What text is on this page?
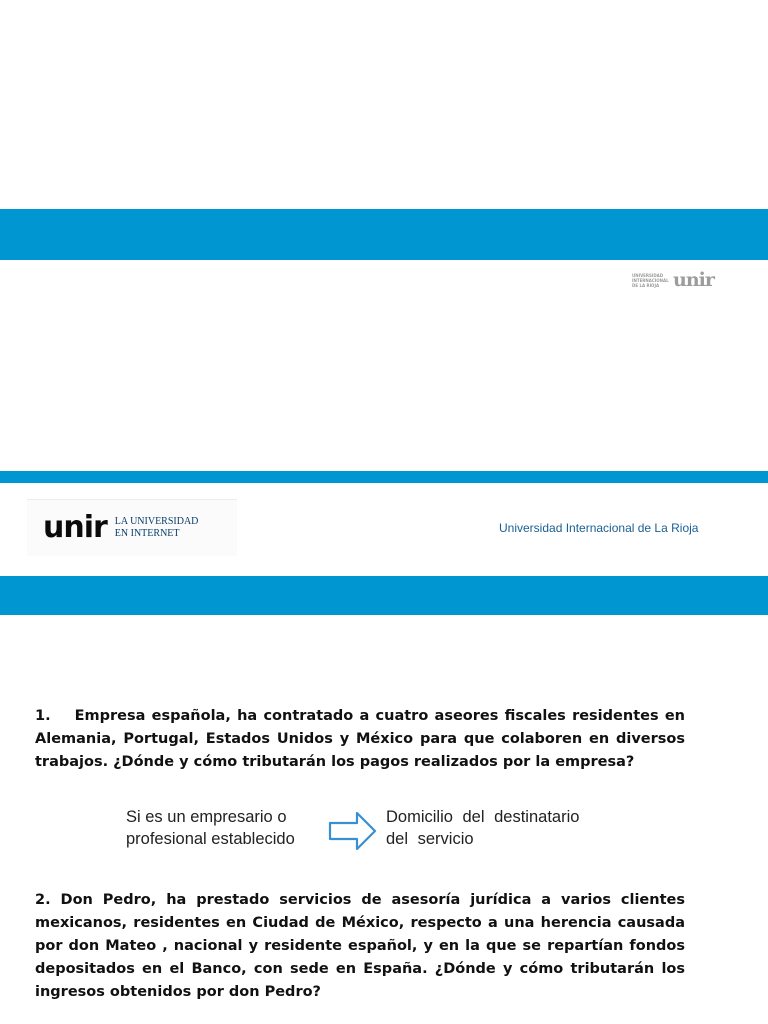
UNIVERSIDAD INTERNACIONAL DE LA RIOJA unir
unir LA UNIVERSIDAD
EN INTERNET	Universidad Internacional de La Rioja
1. Empresa española, ha contratado a cuatro aseores fiscales residentes en Alemania, Portugal, Estados Unidos y México para que colaboren en diversos trabajos. ¿Dónde y cómo tributarán los pagos realizados por la empresa?
Si es un empresario o
profesional establecido
Domicilio del destinatario
del servicio
2. Don Pedro, ha prestado servicios de asesoría jurídica a varios clientes mexicanos, residentes en Ciudad de México, respecto a una herencia causada por don Mateo , nacional y residente español, y en la que se repartían fondos depositados en el Banco, con sede en España. ¿Dónde y cómo tributarán los ingresos obtenidos por don Pedro?
